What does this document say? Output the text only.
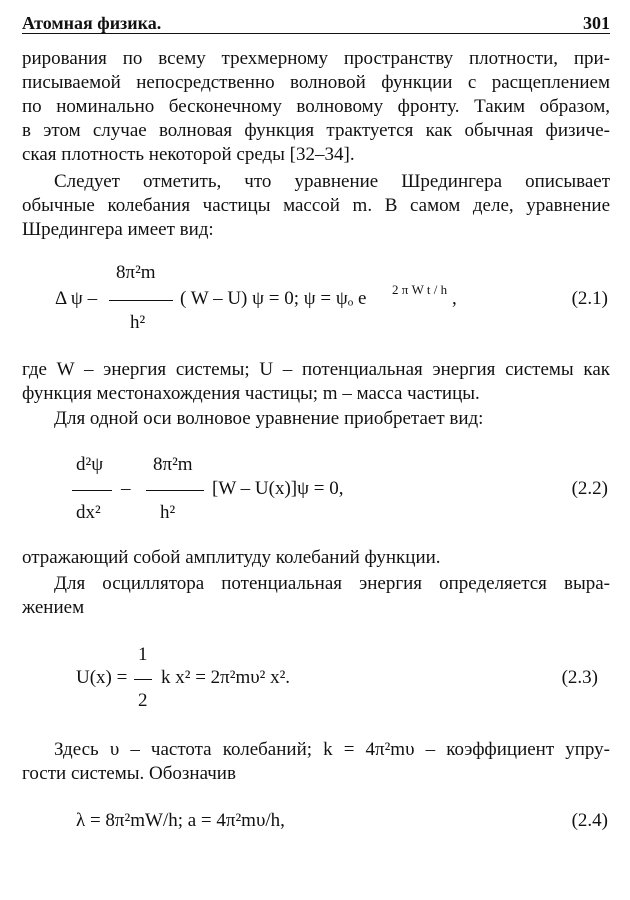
Атомная физика.	301
рирования по всему трехмерному пространству плотности, при-
писываемой непосредственно волновой функции с расщеплением
по номинально бесконечному волновому фронту. Таким образом,
в этом случае волновая функция трактуется как обычная физиче-
ская плотность некоторой среды [32–34].
Следует отметить, что уравнение Шредингера описывает
обычные колебания частицы массой m. В самом деле, уравнение
Шредингера имеет вид:
Δ ψ –
8π²m
h²
( W – U) ψ = 0; ψ = ψₒ e 2 π W t / h ,	(2.1)
где W – энергия системы; U – потенциальная энергия системы как
функция местонахождения частицы; m – масса частицы.
Для одной оси волновое уравнение приобретает вид:
d²ψ
dx²
–
8π²m
h²
[W – U(x)]ψ = 0,	(2.2)
отражающий собой амплитуду колебаний функции.
Для осциллятора потенциальная энергия определяется выра-
жением
U(x) =
1
2
k x² = 2π²mυ² x².	(2.3)
Здесь υ – частота колебаний; k = 4π²mυ – коэффициент упру-
гости системы. Обозначив
λ = 8π²mW/h; a = 4π²mυ/h,	(2.4)
